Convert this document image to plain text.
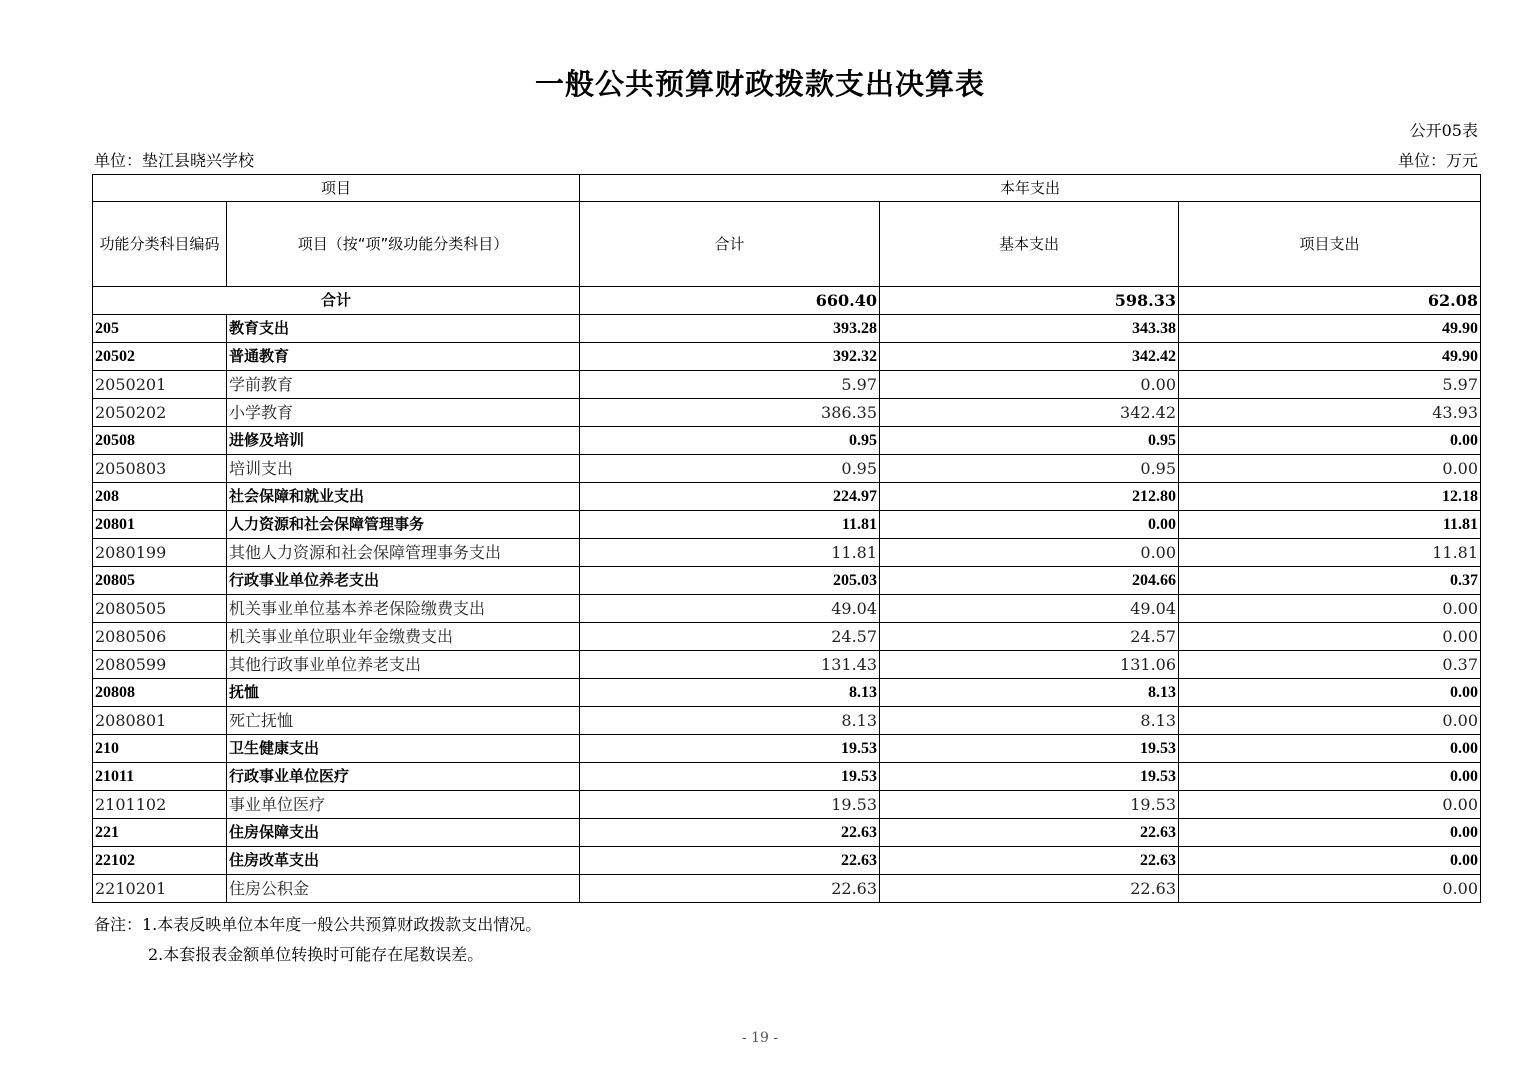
一般公共预算财政拨款支出决算表
公开05表
单位：垫江县晓兴学校	单位：万元
项目		本年支出		
功能分类科目编码	项目（按“项”级功能分类科目）	合计	基本支出	项目支出
合计		660.40	598.33	62.08
205	教育支出	393.28	343.38	49.90
20502	普通教育	392.32	342.42	49.90
2050201	学前教育	5.97	0.00	5.97
2050202	小学教育	386.35	342.42	43.93
20508	进修及培训	0.95	0.95	0.00
2050803	培训支出	0.95	0.95	0.00
208	社会保障和就业支出	224.97	212.80	12.18
20801	人力资源和社会保障管理事务	11.81	0.00	11.81
2080199	其他人力资源和社会保障管理事务支出	11.81	0.00	11.81
20805	行政事业单位养老支出	205.03	204.66	0.37
2080505	机关事业单位基本养老保险缴费支出	49.04	49.04	0.00
2080506	机关事业单位职业年金缴费支出	24.57	24.57	0.00
2080599	其他行政事业单位养老支出	131.43	131.06	0.37
20808	抚恤	8.13	8.13	0.00
2080801	死亡抚恤	8.13	8.13	0.00
210	卫生健康支出	19.53	19.53	0.00
21011	行政事业单位医疗	19.53	19.53	0.00
2101102	事业单位医疗	19.53	19.53	0.00
221	住房保障支出	22.63	22.63	0.00
22102	住房改革支出	22.63	22.63	0.00
2210201	住房公积金	22.63	22.63	0.00
备注：1.本表反映单位本年度一般公共预算财政拨款支出情况。
2.本套报表金额单位转换时可能存在尾数误差。
- 19 -
